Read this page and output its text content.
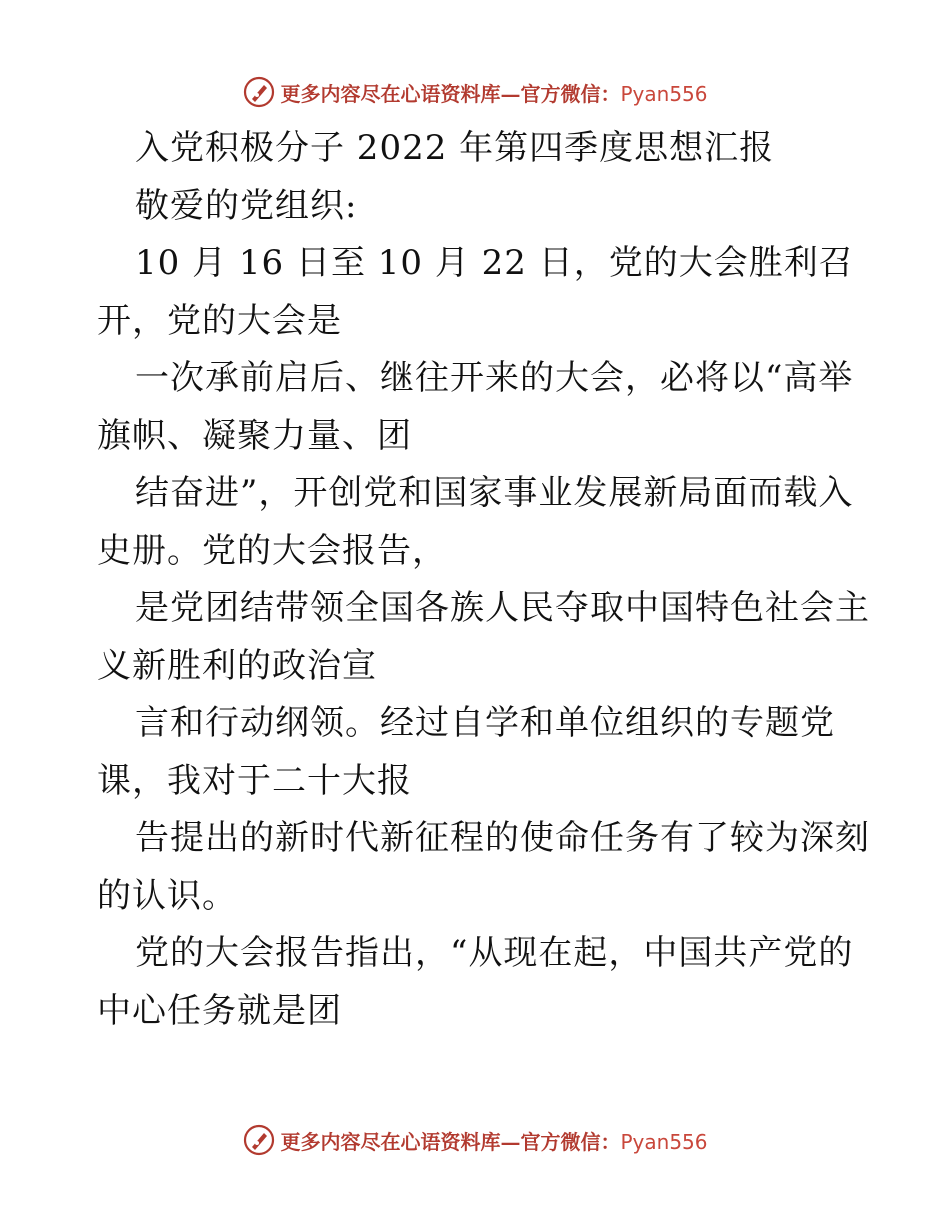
更多内容尽在心语资料库—官方微信：Pyan556
入党积极分子 2022 年第四季度思想汇报
敬爱的党组织:
10 月 16 日至 10 月 22 日，党的大会胜利召
开，党的大会是
一次承前启后、继往开来的大会，必将以“高举
旗帜、凝聚力量、团
结奋进”，开创党和国家事业发展新局面而载入
史册。党的大会报告，
是党团结带领全国各族人民夺取中国特色社会主
义新胜利的政治宣
言和行动纲领。经过自学和单位组织的专题党
课，我对于二十大报
告提出的新时代新征程的使命任务有了较为深刻
的认识。
党的大会报告指出，“从现在起，中国共产党的
中心任务就是团
更多内容尽在心语资料库—官方微信：Pyan556
